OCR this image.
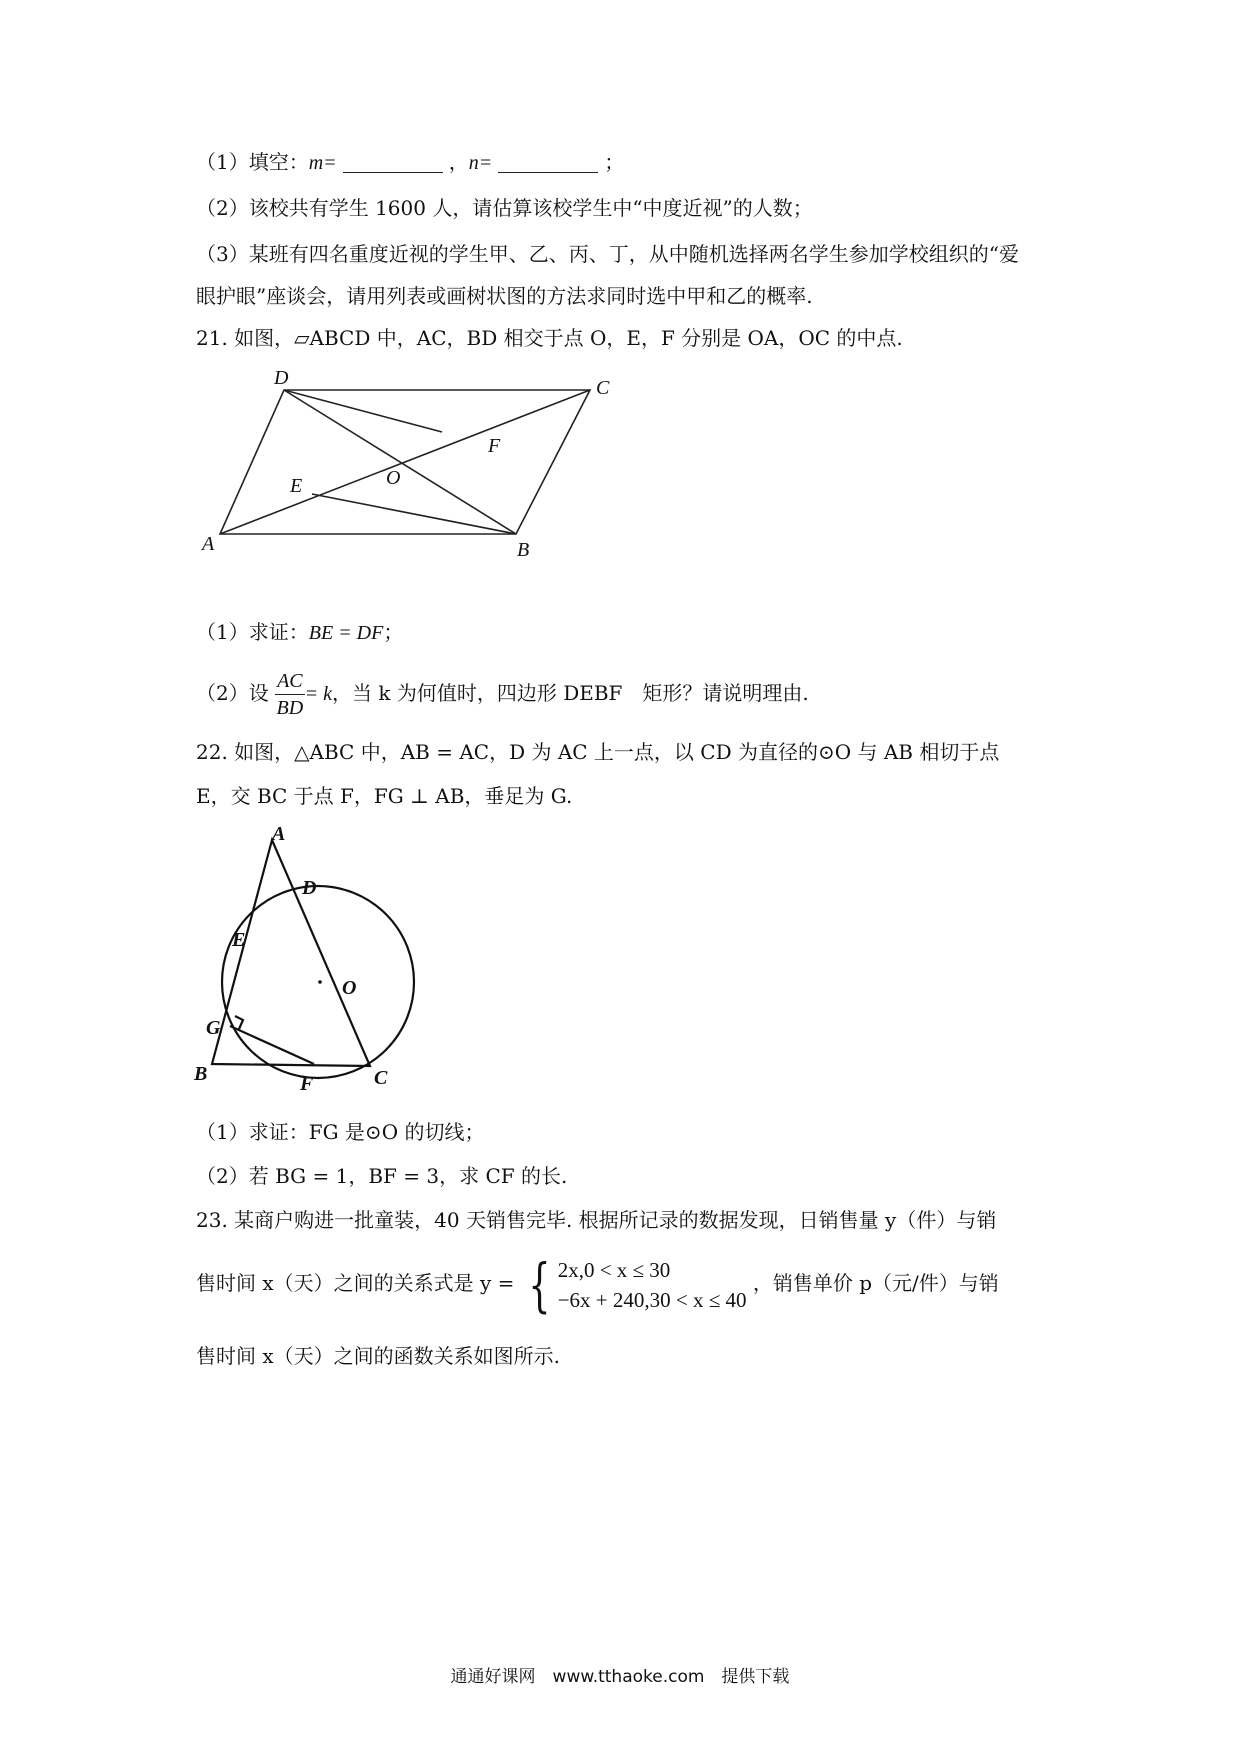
（1）填空：m=	，n=	；
（2）该校共有学生 1600 人，请估算该校学生中“中度近视”的人数；
（3）某班有四名重度近视的学生甲、乙、丙、丁，从中随机选择两名学生参加学校组织的“爱
眼护眼”座谈会，请用列表或画树状图的方法求同时选中甲和乙的概率.
21. 如图，▱ABCD 中，AC，BD 相交于点 O，E，F 分别是 OA，OC 的中点.
A	B
C
D
E
F
O
（1）求证：BE = DF；
（2）设 $\frac{AC}{BD} = k$，当 k 为何值时，四边形 DEBF　矩形？请说明理由.
22. 如图，△ABC 中，AB = AC，D 为 AC 上一点，以 CD 为直径的⊙O 与 AB 相切于点
E，交 BC 于点 F，FG ⊥ AB，垂足为 G.
A
B	C
D
E
F
G
O
（1）求证：FG 是⊙O 的切线；
（2）若 BG = 1，BF = 3，求 CF 的长.
23. 某商户购进一批童装，40 天销售完毕. 根据所记录的数据发现，日销售量 y（件）与销
售时间 x（天）之间的关系式是 y = { 2x,0 < x ≤ 30
−6x + 240,30 < x ≤ 40
，销售单价 p（元/件）与销
售时间 x（天）之间的函数关系如图所示.
通通好课网　www.tthaoke.com　提供下载
